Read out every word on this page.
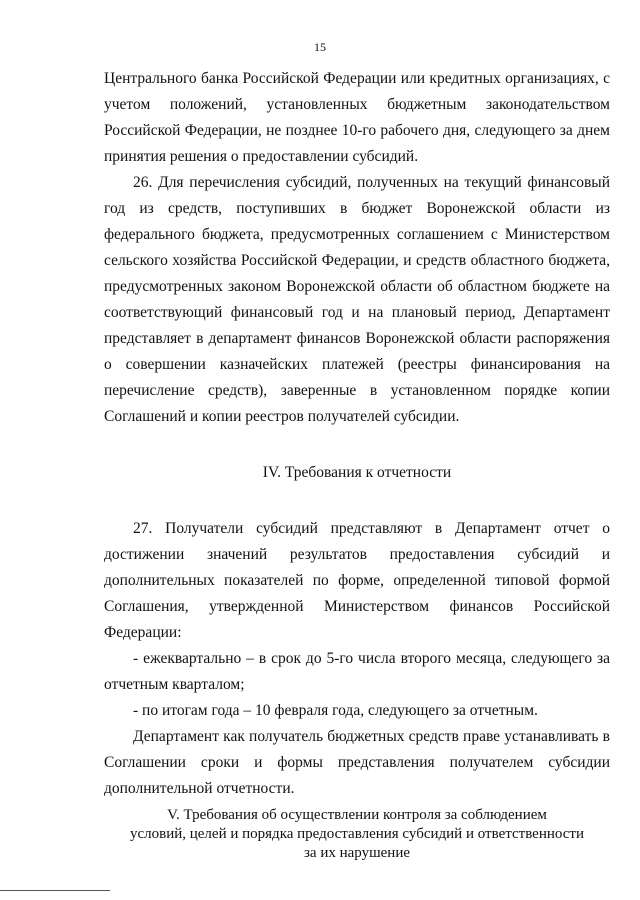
15

Центрального банка Российской Федерации или кредитных организациях, с учетом положений, установленных бюджетным законодательством Российской Федерации, не позднее 10-го рабочего дня, следующего за днем принятия решения о предоставлении субсидий.

26. Для перечисления субсидий, полученных на текущий финансовый год из средств, поступивших в бюджет Воронежской области из федерального бюджета, предусмотренных соглашением с Министерством сельского хозяйства Российской Федерации, и средств областного бюджета, предусмотренных законом Воронежской области об областном бюджете на соответствующий финансовый год и на плановый период, Департамент представляет в департамент финансов Воронежской области распоряжения о совершении казначейских платежей (реестры финансирования на перечисление средств), заверенные в установленном порядке копии Соглашений и копии реестров получателей субсидии.

IV. Требования к отчетности

27. Получатели субсидий представляют в Департамент отчет о достижении значений результатов предоставления субсидий и дополнительных показателей по форме, определенной типовой формой Соглашения, утвержденной Министерством финансов Российской Федерации:

- ежеквартально – в срок до 5-го числа второго месяца, следующего за отчетным кварталом;

- по итогам года – 10 февраля года, следующего за отчетным.

Департамент как получатель бюджетных средств праве устанавливать в Соглашении сроки и формы представления получателем субсидии дополнительной отчетности.

V. Требования об осуществлении контроля за соблюдением
условий, целей и порядка предоставления субсидий и ответственности
за их нарушение
